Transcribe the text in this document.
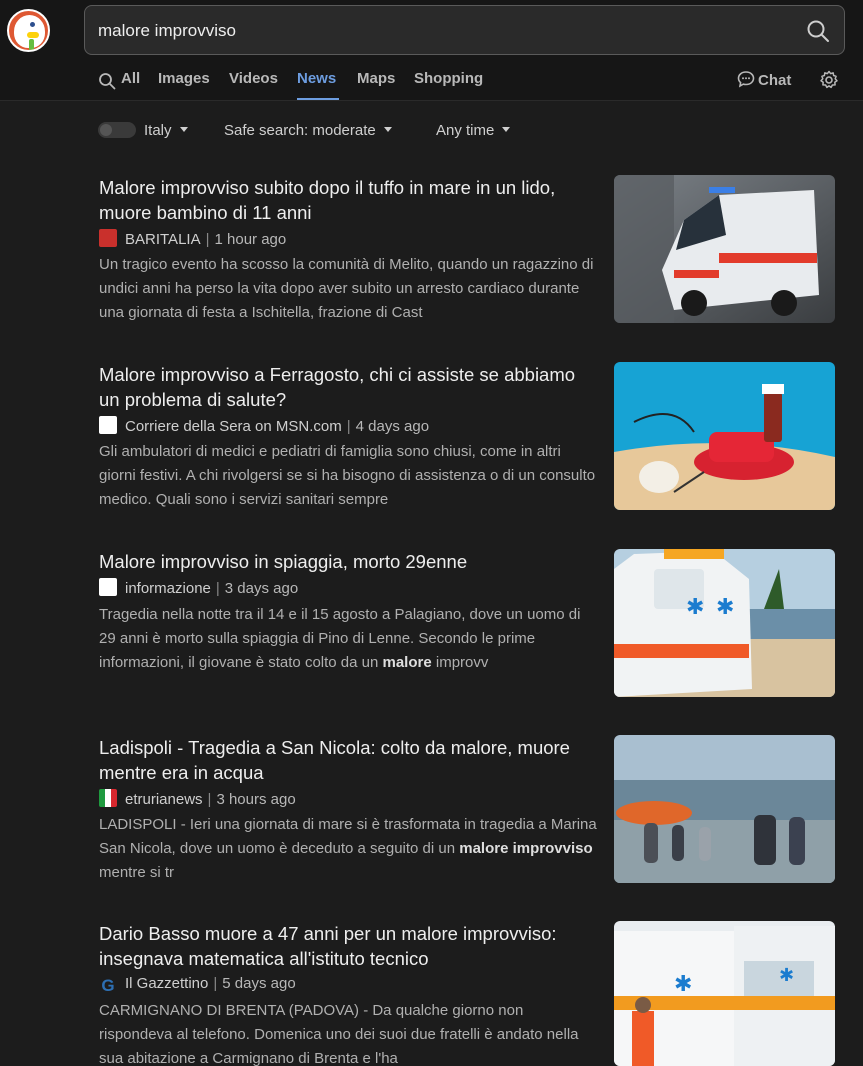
malore improvviso
All Images Videos News Maps Shopping	Chat
Italy	Safe search: moderate	Any time
Malore improvviso subito dopo il tuffo in mare in un lido, muore bambino di 11 anni
BARITALIA | 1 hour ago
Un tragico evento ha scosso la comunità di Melito, quando un ragazzino di undici anni ha perso la vita dopo aver subito un arresto cardiaco durante una giornata di festa a Ischitella, frazione di Cast
Malore improvviso a Ferragosto, chi ci assiste se abbiamo un problema di salute?
Corriere della Sera on MSN.com | 4 days ago
Gli ambulatori di medici e pediatri di famiglia sono chiusi, come in altri giorni festivi. A chi rivolgersi se si ha bisogno di assistenza o di un consulto medico. Quali sono i servizi sanitari sempre
Malore improvviso in spiaggia, morto 29enne
informazione | 3 days ago
Tragedia nella notte tra il 14 e il 15 agosto a Palagiano, dove un uomo di 29 anni è morto sulla spiaggia di Pino di Lenne. Secondo le prime informazioni, il giovane è stato colto da un malore improvv
✱ ✱
Ladispoli - Tragedia a San Nicola: colto da malore, muore mentre era in acqua
etrurianews | 3 hours ago
LADISPOLI - Ieri una giornata di mare si è trasformata in tragedia a Marina San Nicola, dove un uomo è deceduto a seguito di un malore improvviso mentre si tr
Dario Basso muore a 47 anni per un malore improvviso: insegnava matematica all'istituto tecnico
G Il Gazzettino | 5 days ago
CARMIGNANO DI BRENTA (PADOVA) - Da qualche giorno non rispondeva al telefono. Domenica uno dei suoi due fratelli è andato nella sua abitazione a Carmignano di Brenta e l'ha
✱	✱
